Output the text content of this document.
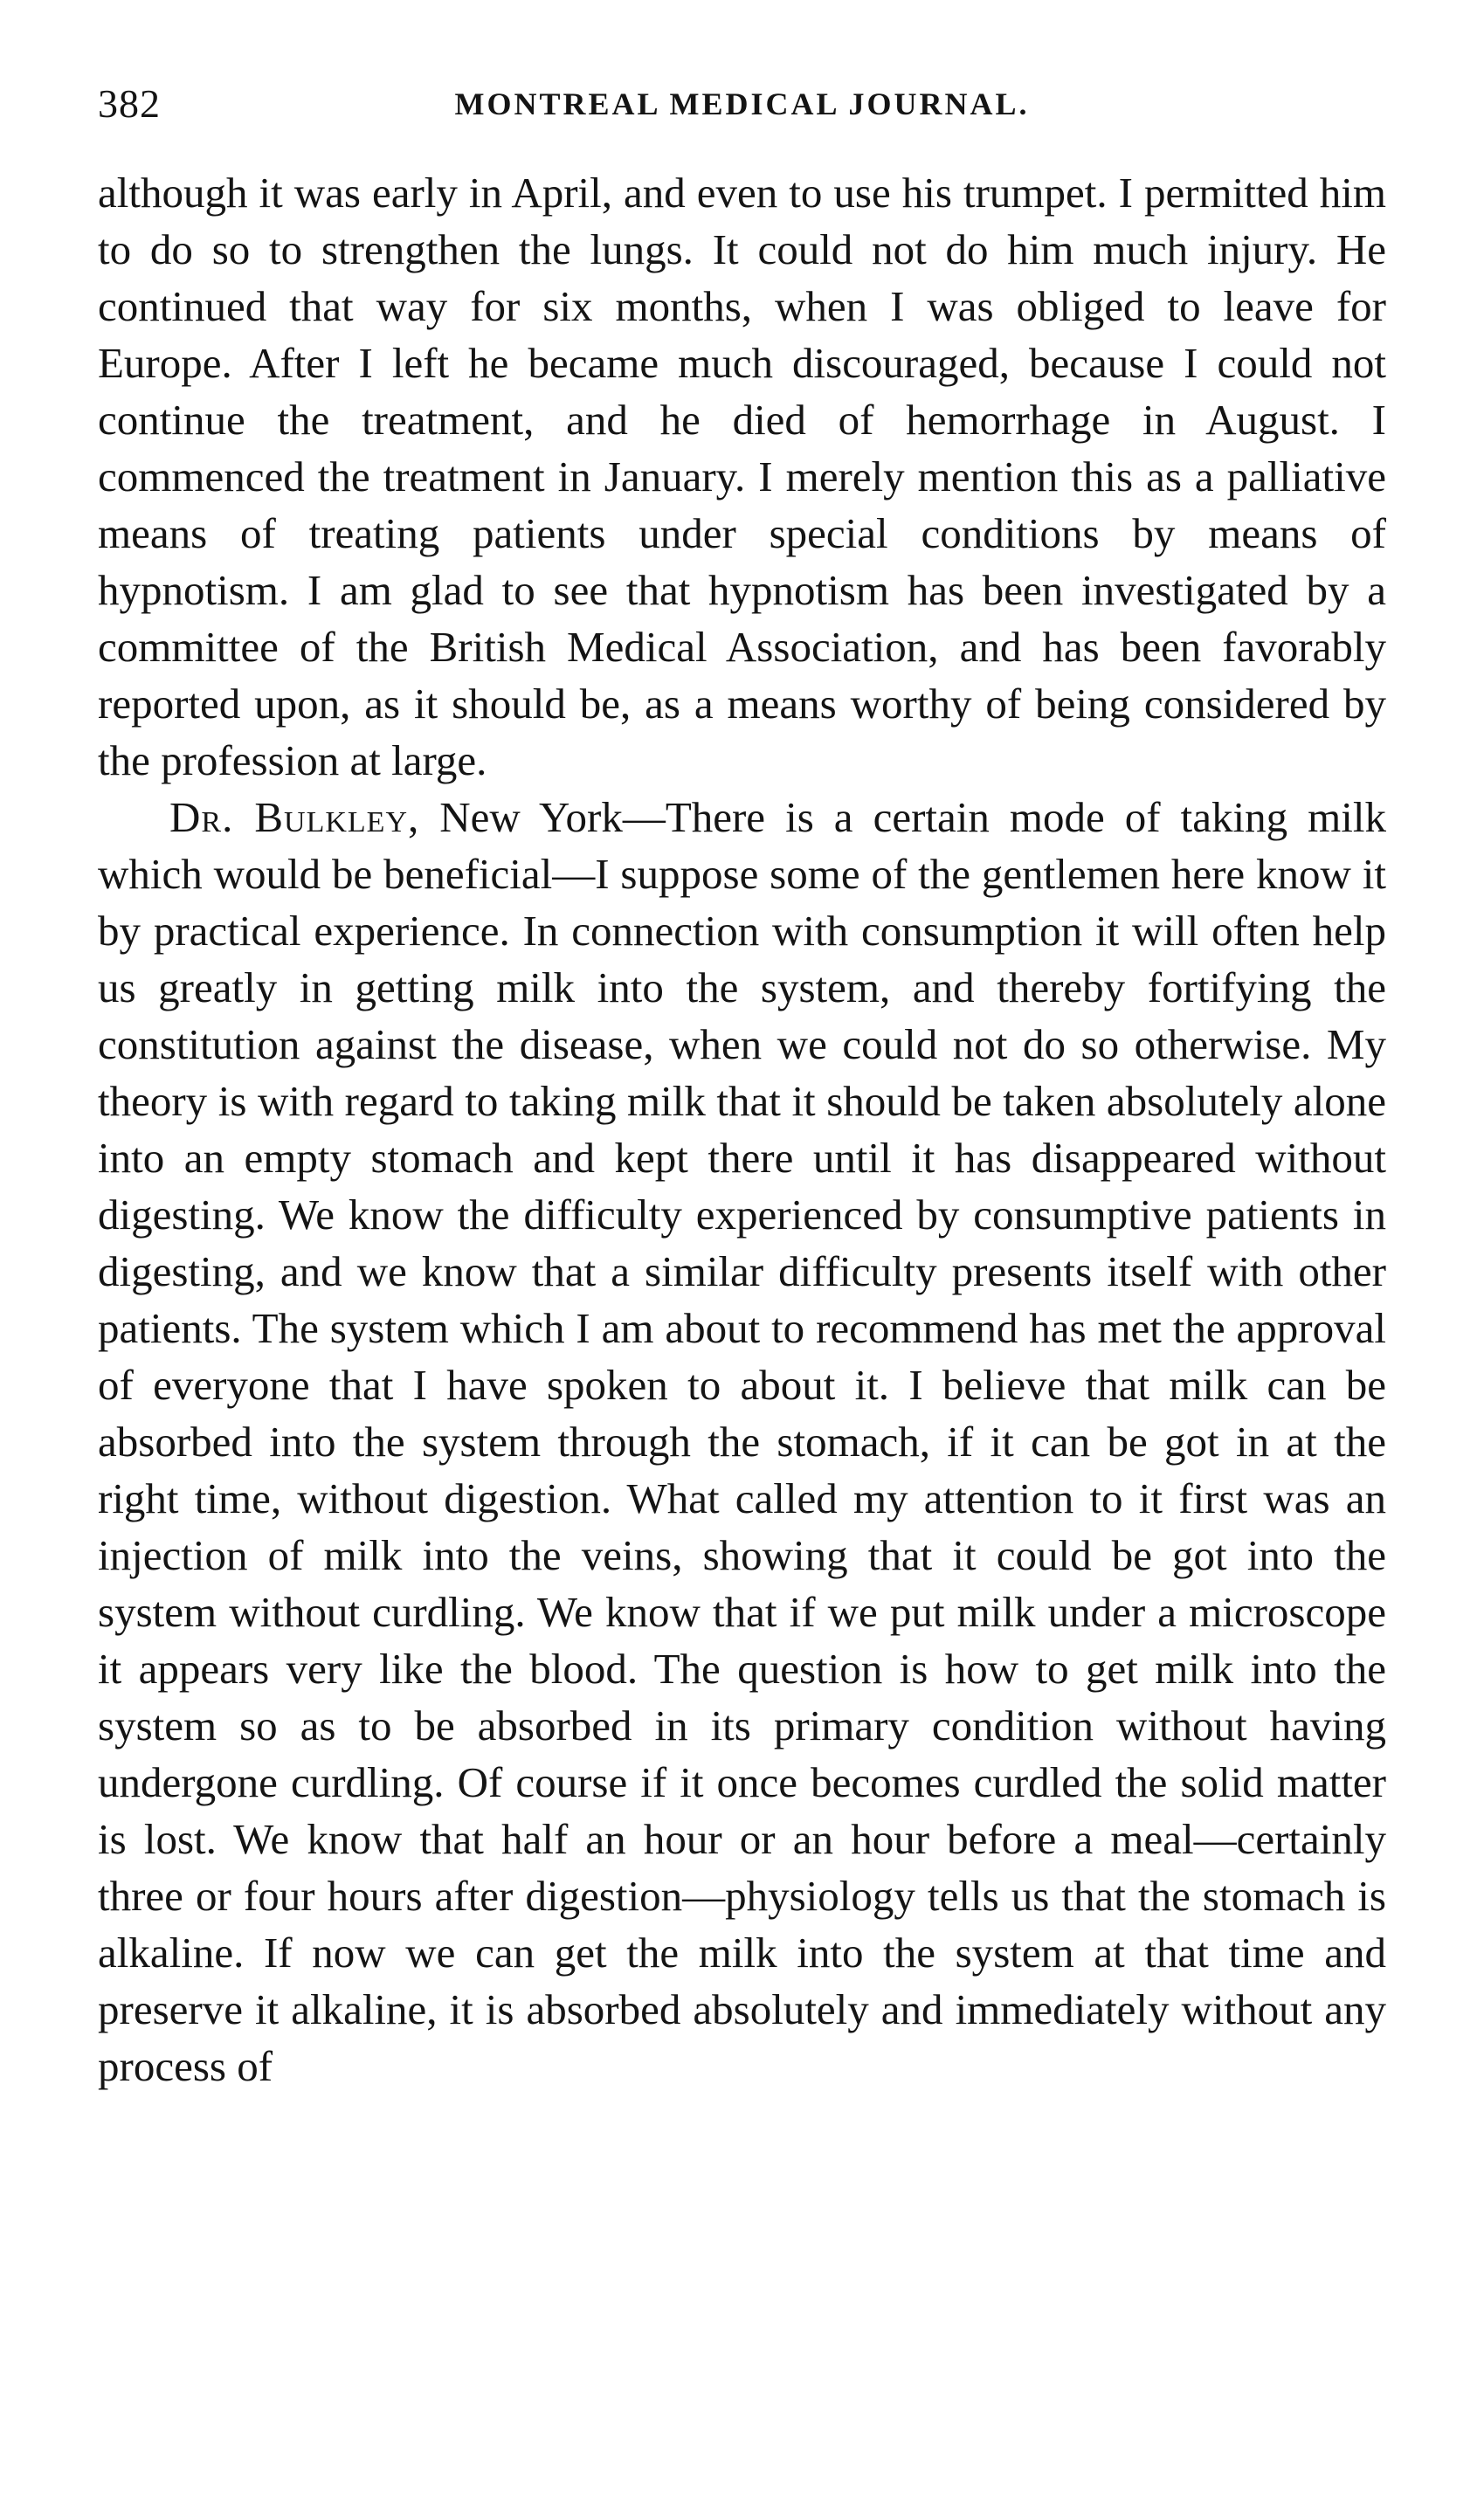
382	MONTREAL MEDICAL JOURNAL.

although it was early in April, and even to use his trumpet. I permitted him to do so to strengthen the lungs. It could not do him much injury. He continued that way for six months, when I was obliged to leave for Europe. After I left he became much discouraged, because I could not continue the treatment, and he died of hemorrhage in August. I commenced the treatment in January. I merely mention this as a palliative means of treating patients under special conditions by means of hypnotism. I am glad to see that hypnotism has been investigated by a committee of the British Medical Association, and has been favorably reported upon, as it should be, as a means worthy of being considered by the profession at large.

Dr. Bulkley, New York—There is a certain mode of taking milk which would be beneficial—I suppose some of the gentlemen here know it by practical experience. In connection with consumption it will often help us greatly in getting milk into the system, and thereby fortifying the constitution against the disease, when we could not do so otherwise. My theory is with regard to taking milk that it should be taken absolutely alone into an empty stomach and kept there until it has disappeared without digesting. We know the difficulty experienced by consumptive patients in digesting, and we know that a similar difficulty presents itself with other patients. The system which I am about to recommend has met the approval of everyone that I have spoken to about it. I believe that milk can be absorbed into the system through the stomach, if it can be got in at the right time, without digestion. What called my attention to it first was an injection of milk into the veins, showing that it could be got into the system without curdling. We know that if we put milk under a microscope it appears very like the blood. The question is how to get milk into the system so as to be absorbed in its primary condition without having undergone curdling. Of course if it once becomes curdled the solid matter is lost. We know that half an hour or an hour before a meal—certainly three or four hours after digestion—physiology tells us that the stomach is alkaline. If now we can get the milk into the system at that time and preserve it alkaline, it is absorbed absolutely and immediately without any process of
